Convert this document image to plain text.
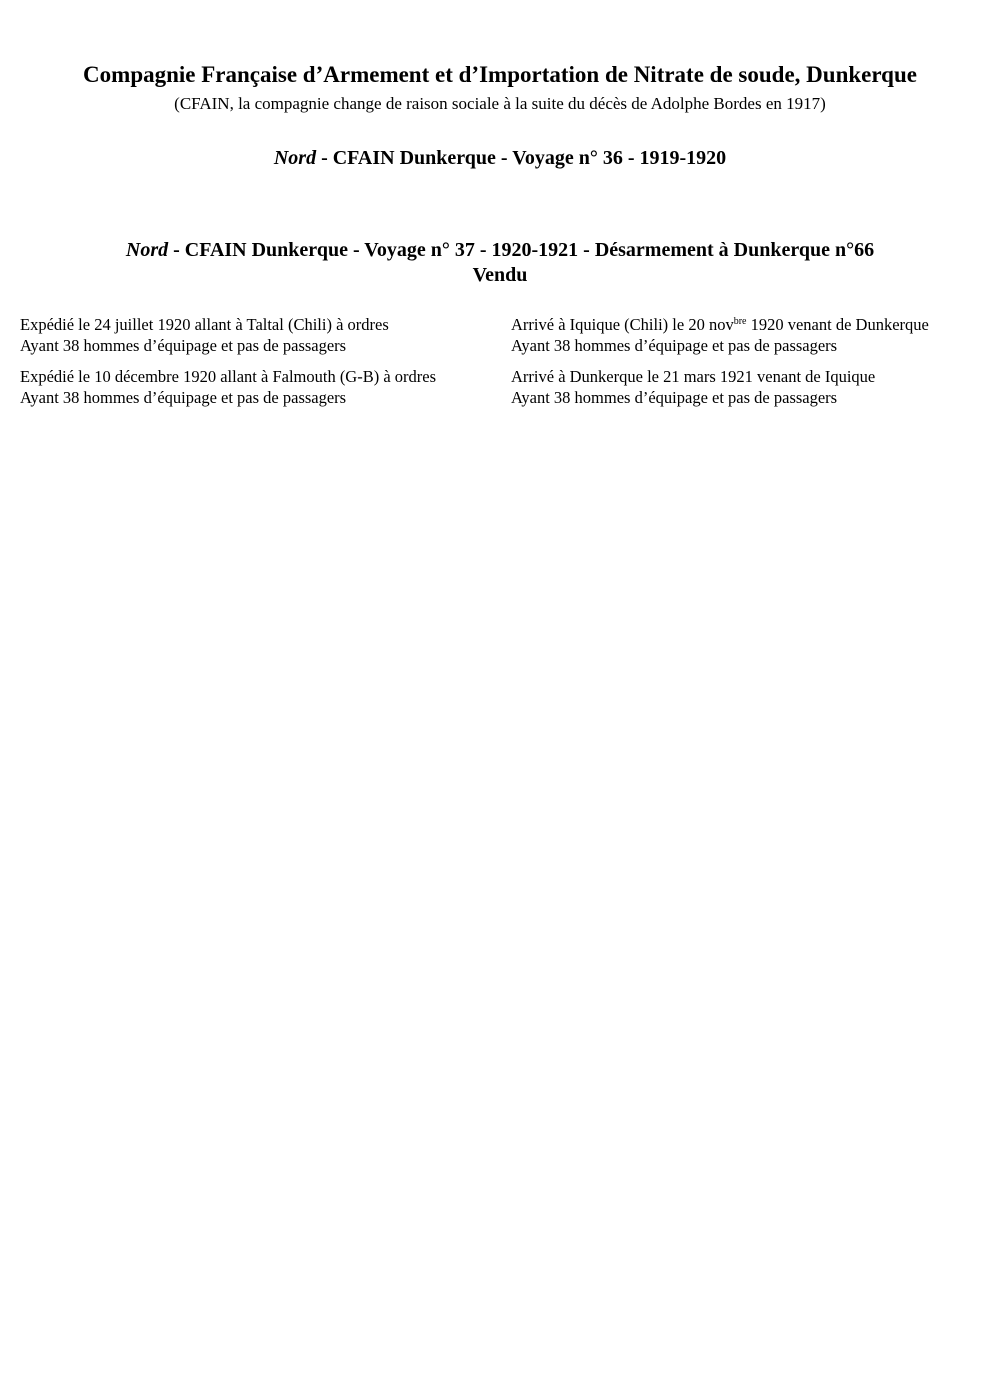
Compagnie Française d’Armement et d’Importation de Nitrate de soude, Dunkerque
(CFAIN, la compagnie change de raison sociale à la suite du décès de Adolphe Bordes en 1917)
Nord - CFAIN Dunkerque - Voyage n° 36 - 1919-1920
Nord - CFAIN Dunkerque - Voyage n° 37 - 1920-1921 - Désarmement à Dunkerque n°66
Vendu
Expédié le 24 juillet 1920 allant à Taltal (Chili) à ordres
Ayant 38 hommes d’équipage et pas de passagers
Arrivé à Iquique (Chili) le 20 nov$^{bre}$ 1920 venant de Dunkerque
Ayant 38 hommes d’équipage et pas de passagers
Expédié le 10 décembre 1920 allant à Falmouth (G-B) à ordres
Ayant 38 hommes d’équipage et pas de passagers
Arrivé à Dunkerque le 21 mars 1921 venant de Iquique
Ayant 38 hommes d’équipage et pas de passagers
